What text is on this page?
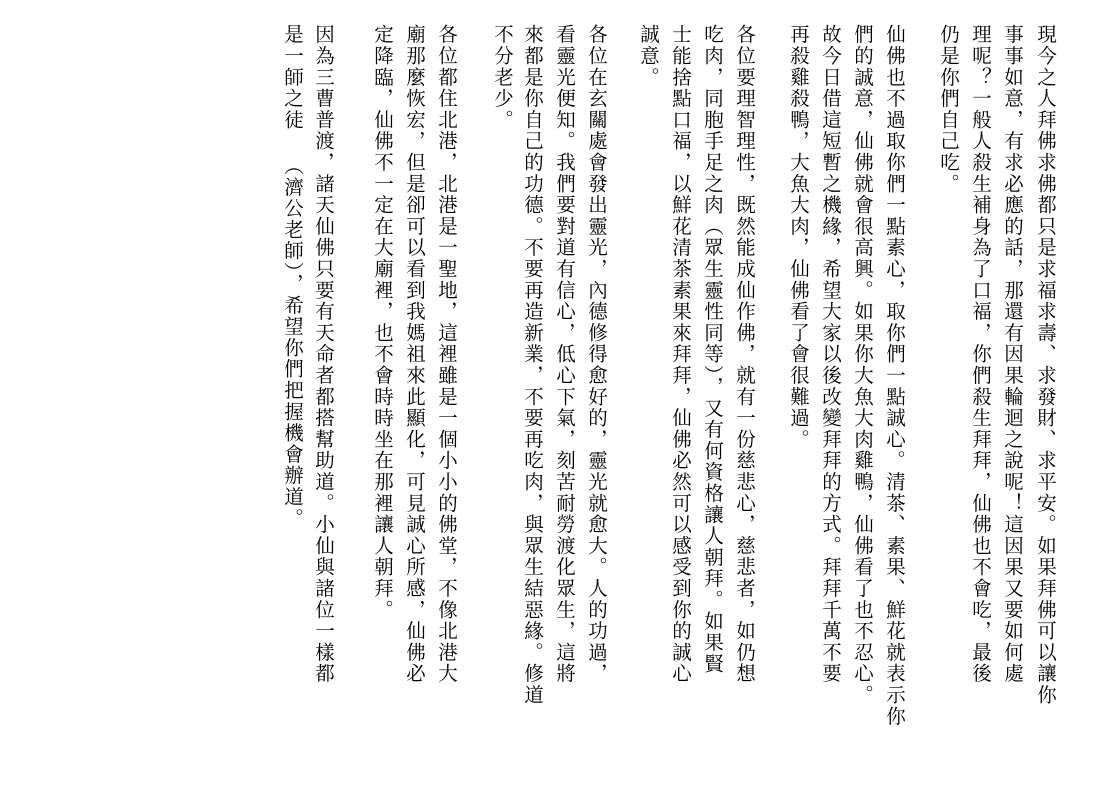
現今之人拜佛求佛都只是求福求壽、求發財、求平安。如果拜佛可以讓你
事事如意，有求必應的話，那還有因果輪迴之說呢！這因果又要如何處
理呢？一般人殺生補身為了口福，你們殺生拜拜，仙佛也不會吃，最後
仍是你們自己吃。
仙佛也不過取你們一點素心，取你們一點誠心。清茶、素果、鮮花就表示你
們的誠意，仙佛就會很高興。如果你大魚大肉雞鴨，仙佛看了也不忍心。
故今日借這短暫之機緣，希望大家以後改變拜拜的方式。拜拜千萬不要
再殺雞殺鴨，大魚大肉，仙佛看了會很難過。
各位要理智理性，既然能成仙作佛，就有一份慈悲心，慈悲者，如仍想
吃肉，同胞手足之肉（眾生靈性同等），又有何資格讓人朝拜。如果賢
士能捨點口福，以鮮花清茶素果來拜拜，仙佛必然可以感受到你的誠心
誠意。
各位在玄關處會發出靈光，內德修得愈好的，靈光就愈大。人的功過，
看靈光便知。我們要對道有信心，低心下氣，刻苦耐勞渡化眾生，這將
來都是你自己的功德。不要再造新業，不要再吃肉，與眾生結惡緣。修道
不分老少。
各位都住北港，北港是一聖地，這裡雖是一個小小的佛堂，不像北港大
廟那麼恢宏，但是卻可以看到我媽祖來此顯化，可見誠心所感，仙佛必
定降臨，仙佛不一定在大廟裡，也不會時時坐在那裡讓人朝拜。
因為三曹普渡，諸天仙佛只要有天命者都搭幫助道。小仙與諸位一樣都
是一師之徒 （濟公老師），希望你們把握機會辦道。
